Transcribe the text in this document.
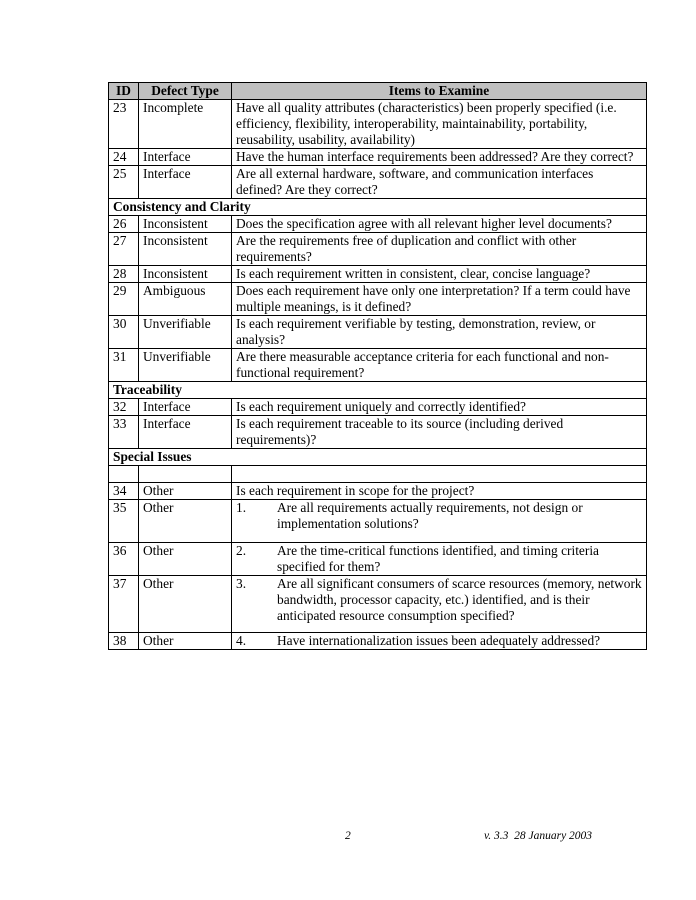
ID	Defect Type	Items to Examine
23	Incomplete	Have all quality attributes (characteristics) been properly specified (i.e. efficiency, flexibility, interoperability, maintainability, portability, reusability, usability, availability)
24	Interface	Have the human interface requirements been addressed? Are they correct?
25	Interface	Are all external hardware, software, and communication interfaces defined? Are they correct?
Consistency and Clarity		
26	Inconsistent	Does the specification agree with all relevant higher level documents?
27	Inconsistent	Are the requirements free of duplication and conflict with other requirements?
28	Inconsistent	Is each requirement written in consistent, clear, concise language?
29	Ambiguous	Does each requirement have only one interpretation? If a term could have multiple meanings, is it defined?
30	Unverifiable	Is each requirement verifiable by testing, demonstration, review, or analysis?
31	Unverifiable	Are there measurable acceptance criteria for each functional and non-functional requirement?
Traceability		
32	Interface	Is each requirement uniquely and correctly identified?
33	Interface	Is each requirement traceable to its source (including derived requirements)?
Special Issues		

34	Other	Is each requirement in scope for the project?
35	Other	1. Are all requirements actually requirements, not design or implementation solutions?

36	Other	2. Are the time-critical functions identified, and timing criteria specified for them?

37	Other	3. Are all significant consumers of scarce resources (memory, network bandwidth, processor capacity, etc.) identified, and is their anticipated resource consumption specified?

38	Other	4. Have internationalization issues been adequately addressed?
2	v. 3.3  28 January 2003
